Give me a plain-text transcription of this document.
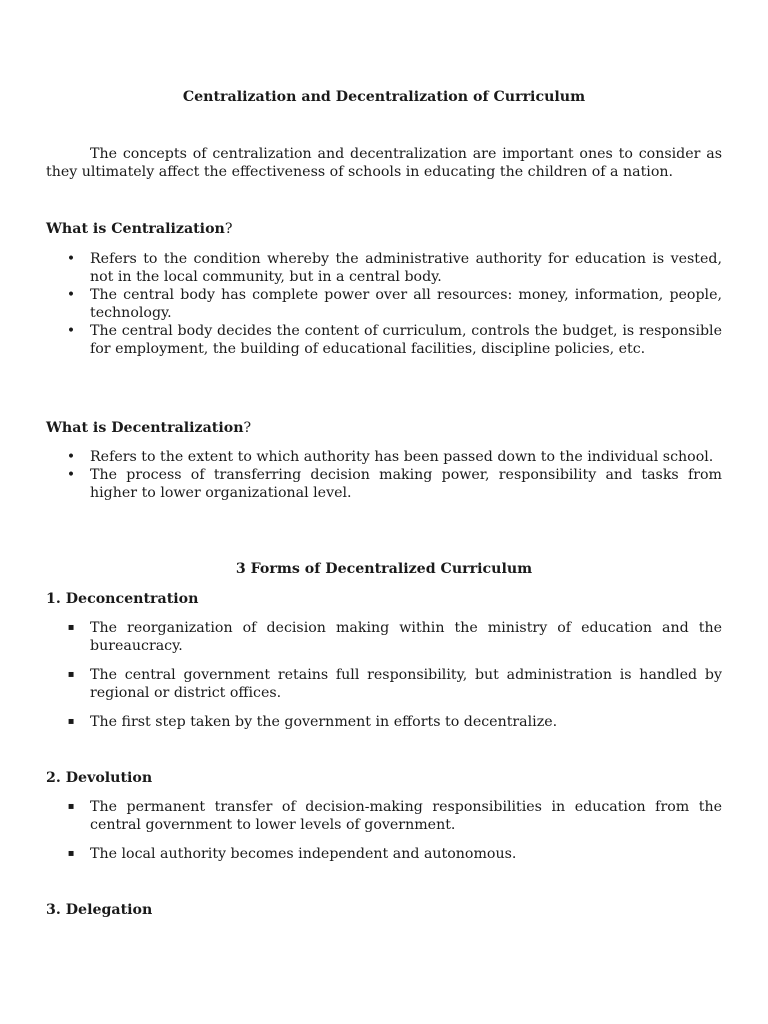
Centralization and Decentralization of Curriculum
The concepts of centralization and decentralization are important ones to consider as they ultimately affect the effectiveness of schools in educating the children of a nation.
What is Centralization?
• Refers to the condition whereby the administrative authority for education is vested, not in the local community, but in a central body.
• The central body has complete power over all resources: money, information, people, technology.
• The central body decides the content of curriculum, controls the budget, is responsible for employment, the building of educational facilities, discipline policies, etc.
What is Decentralization?
• Refers to the extent to which authority has been passed down to the individual school.
• The process of transferring decision making power, responsibility and tasks from higher to lower organizational level.
3 Forms of Decentralized Curriculum
1. Deconcentration
▪ The reorganization of decision making within the ministry of education and the bureaucracy.
▪ The central government retains full responsibility, but administration is handled by regional or district offices.
▪ The first step taken by the government in efforts to decentralize.
2. Devolution
▪ The permanent transfer of decision-making responsibilities in education from the central government to lower levels of government.
▪ The local authority becomes independent and autonomous.
3. Delegation
